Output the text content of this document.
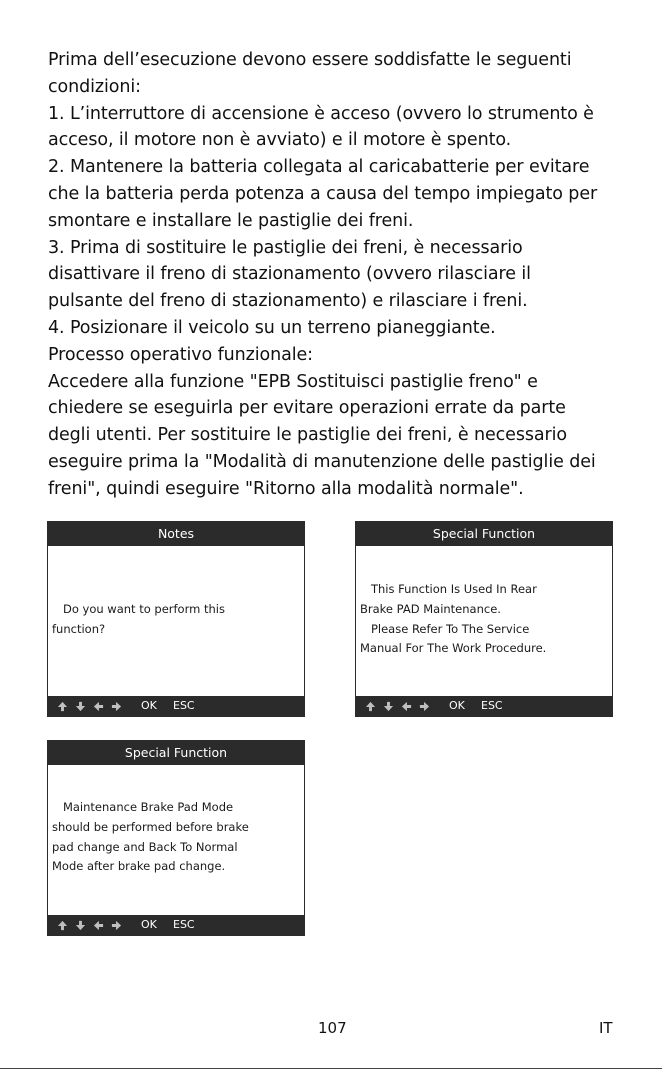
Prima dell’esecuzione devono essere soddisfatte le seguenti
condizioni:
1. L’interruttore di accensione è acceso (ovvero lo strumento è
acceso, il motore non è avviato) e il motore è spento.
2. Mantenere la batteria collegata al caricabatterie per evitare
che la batteria perda potenza a causa del tempo impiegato per
smontare e installare le pastiglie dei freni.
3. Prima di sostituire le pastiglie dei freni, è necessario
disattivare il freno di stazionamento (ovvero rilasciare il
pulsante del freno di stazionamento) e rilasciare i freni.
4. Posizionare il veicolo su un terreno pianeggiante.
Processo operativo funzionale:
Accedere alla funzione "EPB Sostituisci pastiglie freno" e
chiedere se eseguirla per evitare operazioni errate da parte
degli utenti. Per sostituire le pastiglie dei freni, è necessario
eseguire prima la "Modalità di manutenzione delle pastiglie dei
freni", quindi eseguire "Ritorno alla modalità normale".
Notes
Do you want to perform this
function?
OK ESC
Special Function
This Function Is Used In Rear
Brake PAD Maintenance.
Please Refer To The Service
Manual For The Work Procedure.
OK ESC
Special Function
Maintenance Brake Pad Mode
should be performed before brake
pad change and Back To Normal
Mode after brake pad change.
OK ESC
107	IT
